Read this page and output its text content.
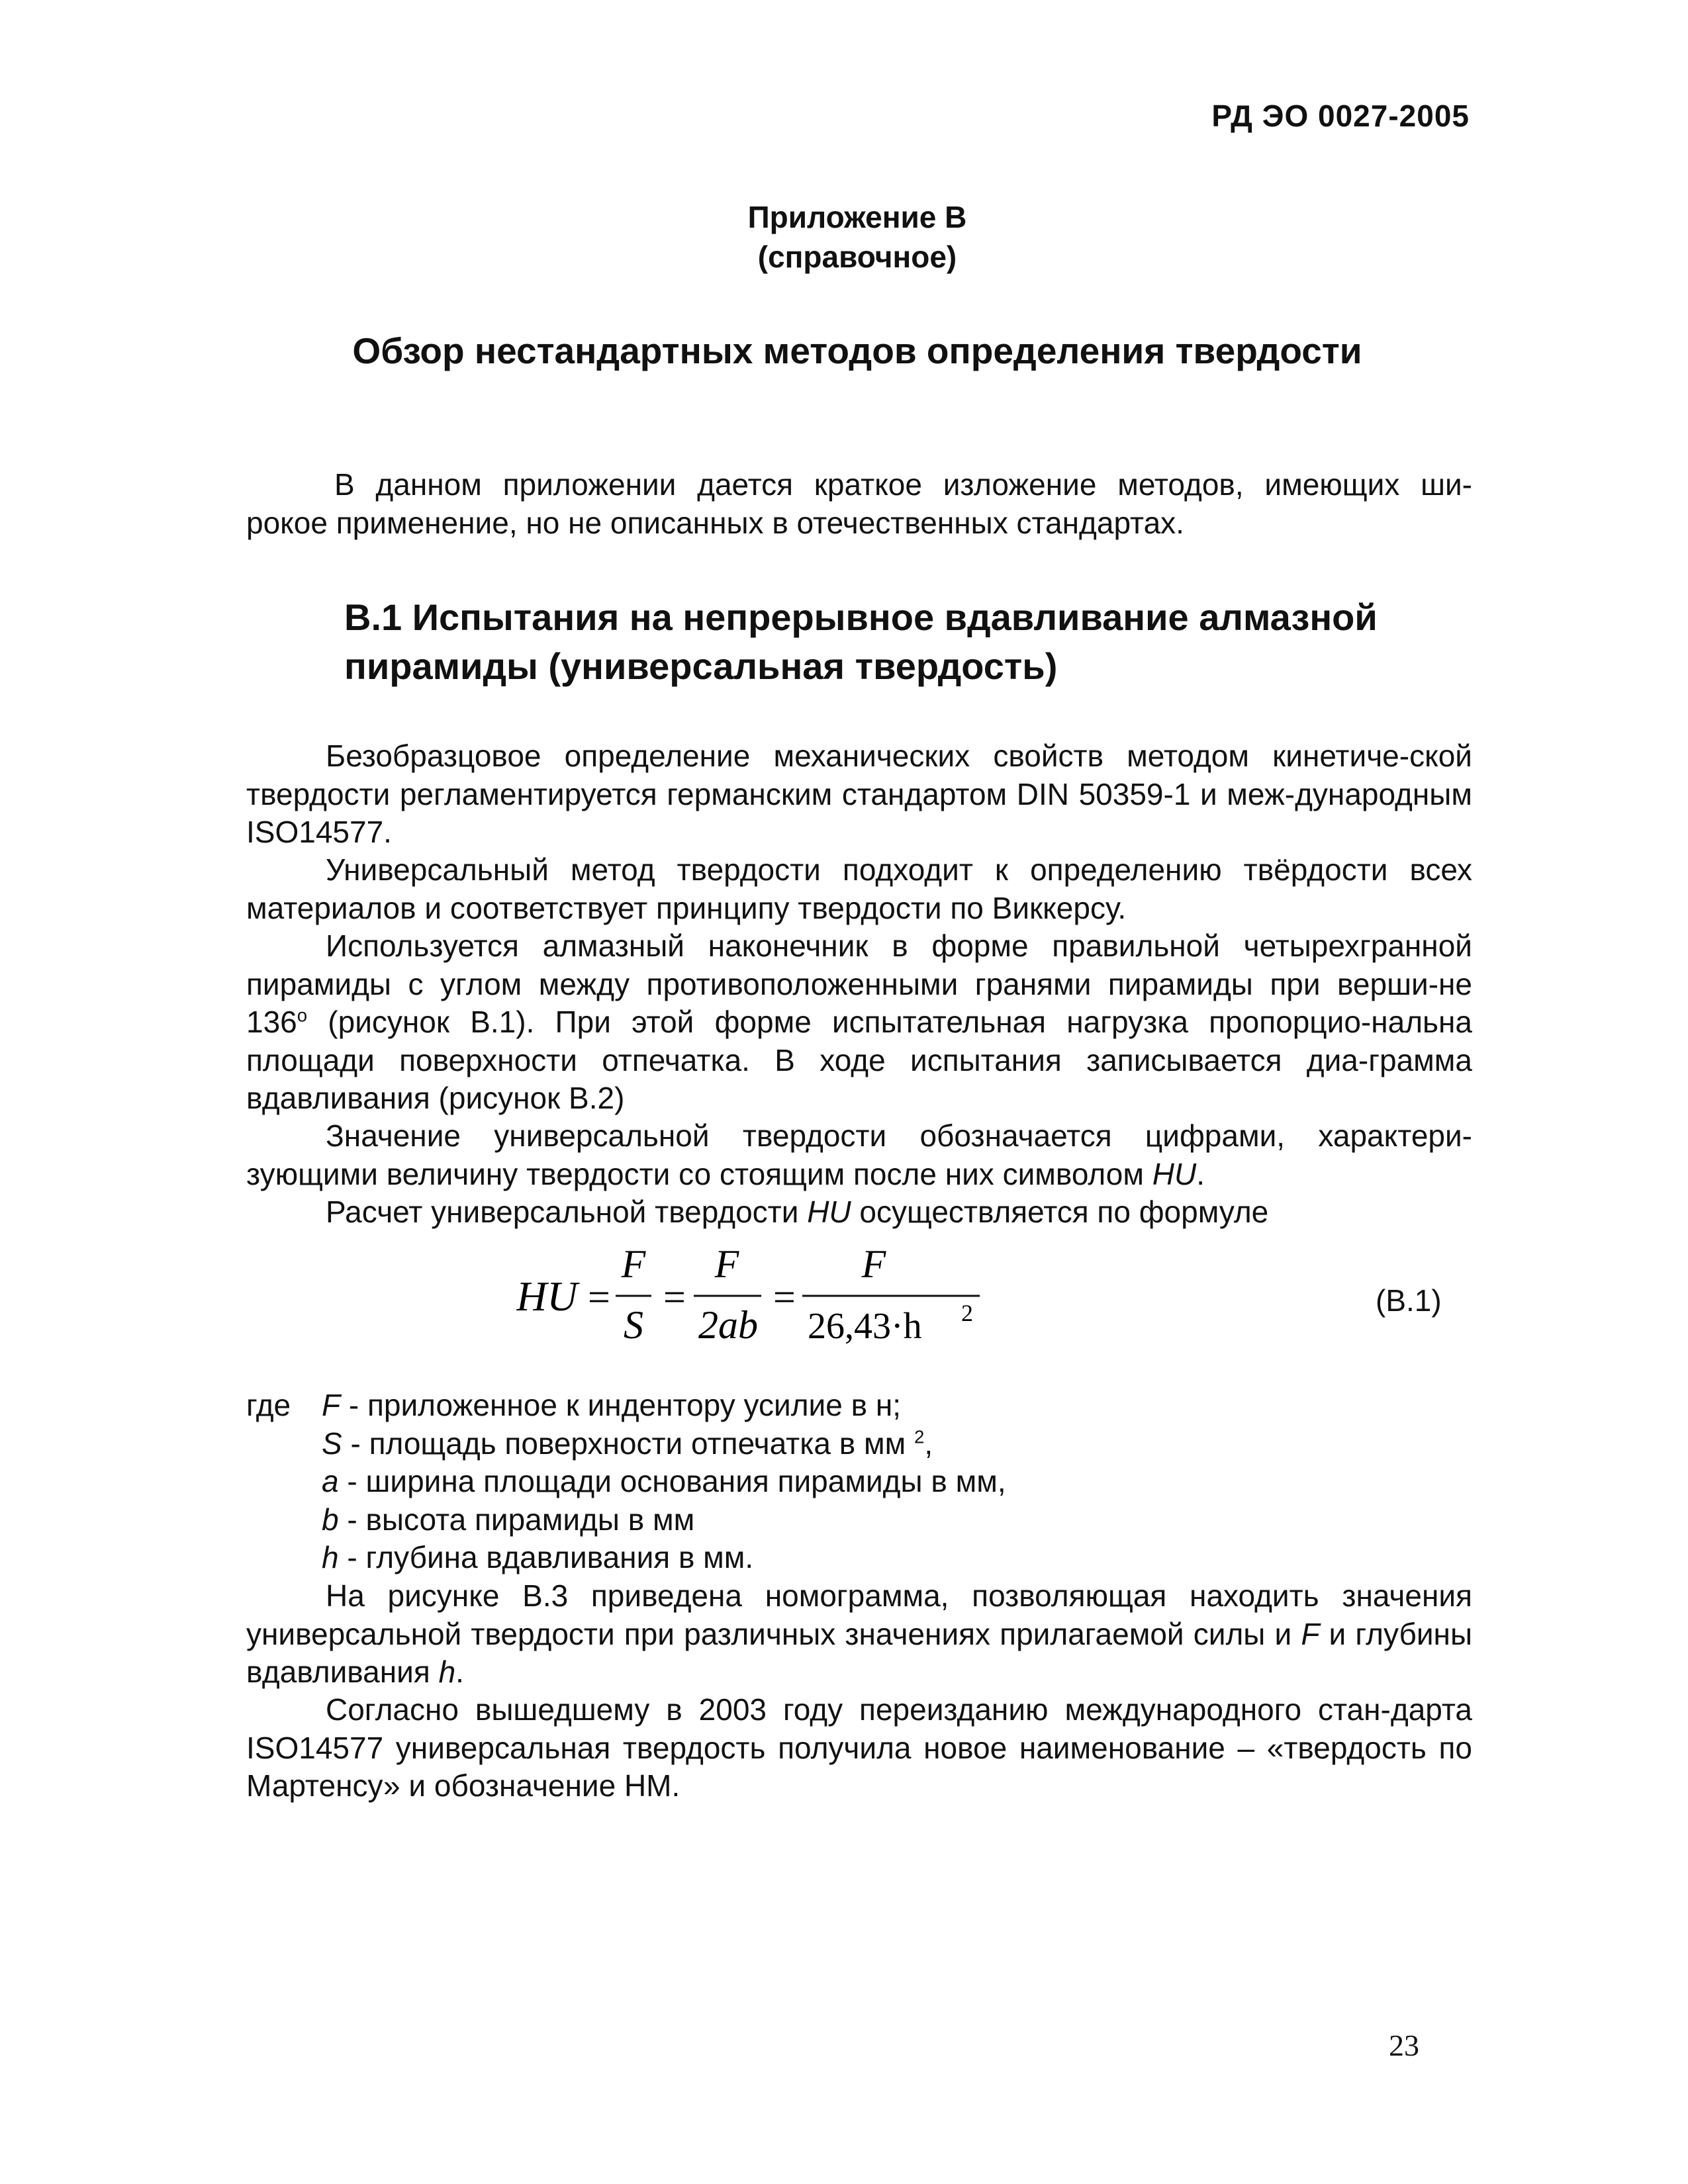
РД ЭО 0027-2005
Приложение В
(справочное)
Обзор нестандартных методов определения твердости
В данном приложении дается краткое изложение методов, имеющих ши-
рокое применение, но не описанных в отечественных стандартах.
В.1 Испытания на непрерывное вдавливание алмазной
пирамиды (универсальная твердость)
Безобразцовое определение механических свойств методом кинетиче-ской твердости регламентируется германским стандартом DIN 50359-1 и меж-дународным ISO14577.
Универсальный метод твердости подходит к определению твёрдости всех материалов и соответствует принципу твердости по Виккерсу.
Используется алмазный наконечник в форме правильной четырехгранной пирамиды с углом между противоположенными гранями пирамиды при верши-не $136^о$ (рисунок В.1). При этой форме испытательная нагрузка пропорцио-нальна площади поверхности отпечатка. В ходе испытания записывается диа-грамма вдавливания (рисунок В.2)
Значение универсальной твердости обозначается цифрами, характери-зующими величину твердости со стоящим после них символом HU.
Расчет универсальной твердости HU осуществляется по формуле
HU =
F
S
=
F
2ab
=
F
26,43·h 2	(В.1)
где F - приложенное к индентору усилие в н;
S - площадь поверхности отпечатка в мм $^2$,
a - ширина площади основания пирамиды в мм,
b - высота пирамиды в мм
h - глубина вдавливания в мм.
На рисунке В.3 приведена номограмма, позволяющая находить значения универсальной твердости при различных значениях прилагаемой силы и F и глубины вдавливания h.
Согласно вышедшему в 2003 году переизданию международного стан-дарта ISO14577 универсальная твердость получила новое наименование – «твердость по Мартенсу» и обозначение НМ.
23
